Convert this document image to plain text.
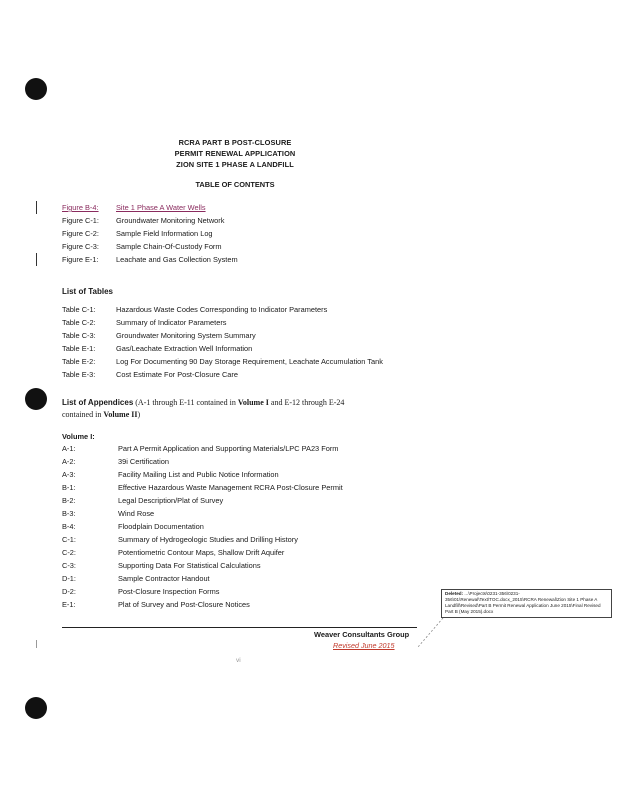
RCRA PART B POST-CLOSURE
PERMIT RENEWAL APPLICATION
ZION SITE 1 PHASE A LANDFILL
TABLE OF CONTENTS
Figure B-4: Site 1 Phase A Water Wells
Figure C-1: Groundwater Monitoring Network
Figure C-2: Sample Field Information Log
Figure C-3: Sample Chain-Of-Custody Form
Figure E-1: Leachate and Gas Collection System
List of Tables
Table C-1:	Hazardous Waste Codes Corresponding to Indicator Parameters
Table C-2:	Summary of Indicator Parameters
Table C-3:	Groundwater Monitoring System Summary
Table E-1:	Gas/Leachate Extraction Well Information
Table E-2:	Log For Documenting 90 Day Storage Requirement, Leachate Accumulation Tank
Table E-3:	Cost Estimate For Post-Closure Care
List of Appendices (A-1 through E-11 contained in Volume I and E-12 through E-24
contained in Volume II)
Volume I:
A-1:	Part A Permit Application and Supporting Materials/LPC PA23 Form
A-2:	39i Certification
A-3:	Facility Mailing List and Public Notice Information
B-1:	Effective Hazardous Waste Management RCRA Post-Closure Permit
B-2:	Legal Description/Plat of Survey
B-3:	Wind Rose
B-4:	Floodplain Documentation
C-1:	Summary of Hydrogeologic Studies and Drilling History
C-2:	Potentiometric Contour Maps, Shallow Drift Aquifer
C-3:	Supporting Data For Statistical Calculations
D-1:	Sample Contractor Handout
D-2:	Post-Closure Inspection Forms
E-1:	Plat of Survey and Post-Closure Notices
Deleted: ...\Projects\0231-356\0231-356\01\Renewal\Text\TOC.docx_2015\RCRA Renewal\Zion Site 1 Phase A Landfill\Revised\Part B Permit Renewal Application June 2015\Final Revised Part B (May 2015).docx
Weaver Consultants Group
Revised June 2015
vi
